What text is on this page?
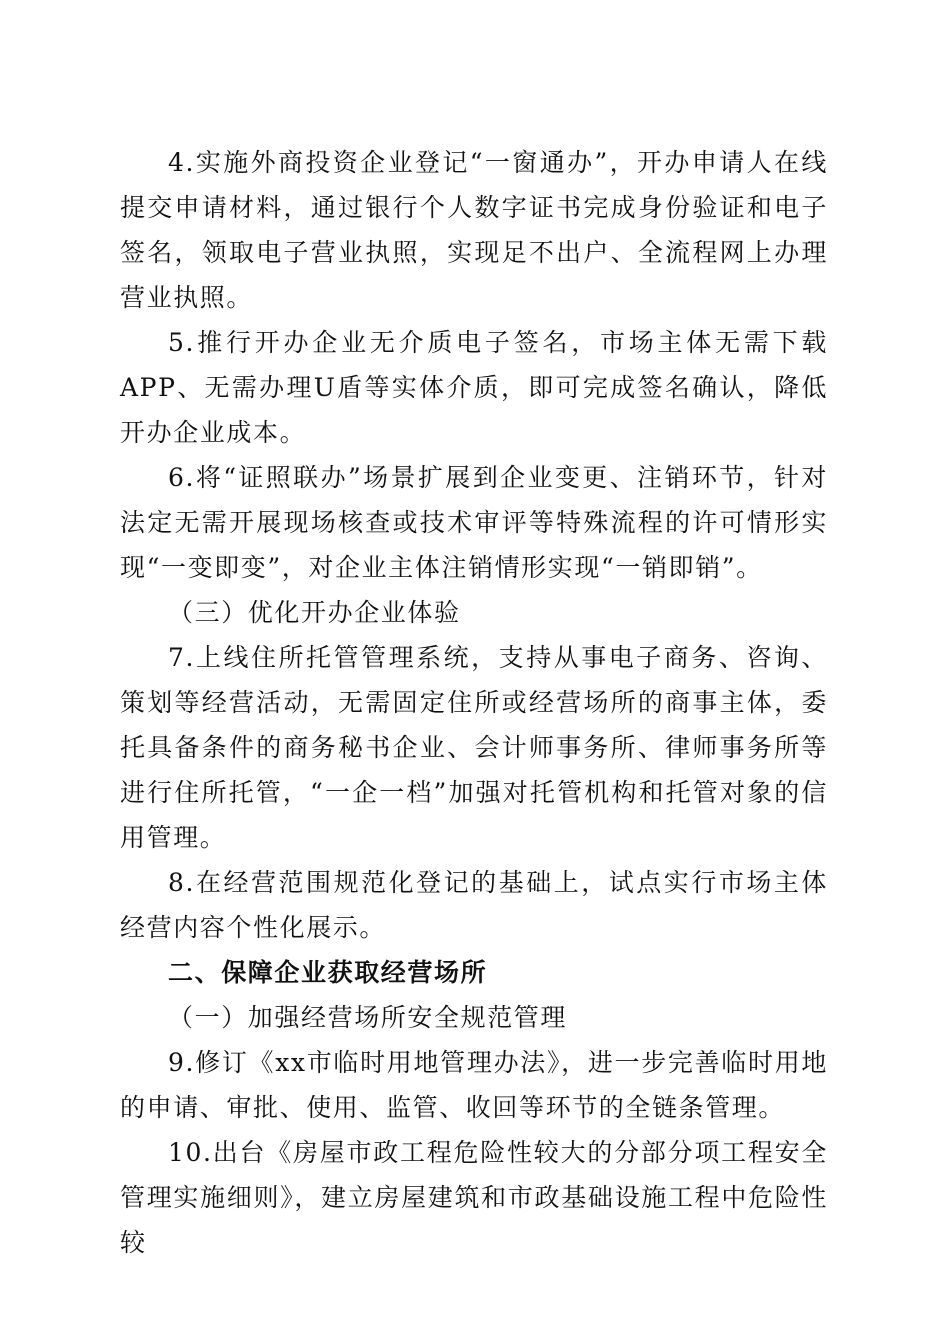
4.实施外商投资企业登记“一窗通办”，开办申请人在线提交申请材料，通过银行个人数字证书完成身份验证和电子签名，领取电子营业执照，实现足不出户、全流程网上办理营业执照。

5.推行开办企业无介质电子签名，市场主体无需下载APP、无需办理U盾等实体介质，即可完成签名确认，降低开办企业成本。

6.将“证照联办”场景扩展到企业变更、注销环节，针对法定无需开展现场核查或技术审评等特殊流程的许可情形实现“一变即变”，对企业主体注销情形实现“一销即销”。

（三）优化开办企业体验

7.上线住所托管管理系统，支持从事电子商务、咨询、策划等经营活动，无需固定住所或经营场所的商事主体，委托具备条件的商务秘书企业、会计师事务所、律师事务所等进行住所托管，“一企一档”加强对托管机构和托管对象的信用管理。

8.在经营范围规范化登记的基础上，试点实行市场主体经营内容个性化展示。

二、保障企业获取经营场所

（一）加强经营场所安全规范管理

9.修订《xx市临时用地管理办法》，进一步完善临时用地的申请、审批、使用、监管、收回等环节的全链条管理。

10.出台《房屋市政工程危险性较大的分部分项工程安全管理实施细则》，建立房屋建筑和市政基础设施工程中危险性较
